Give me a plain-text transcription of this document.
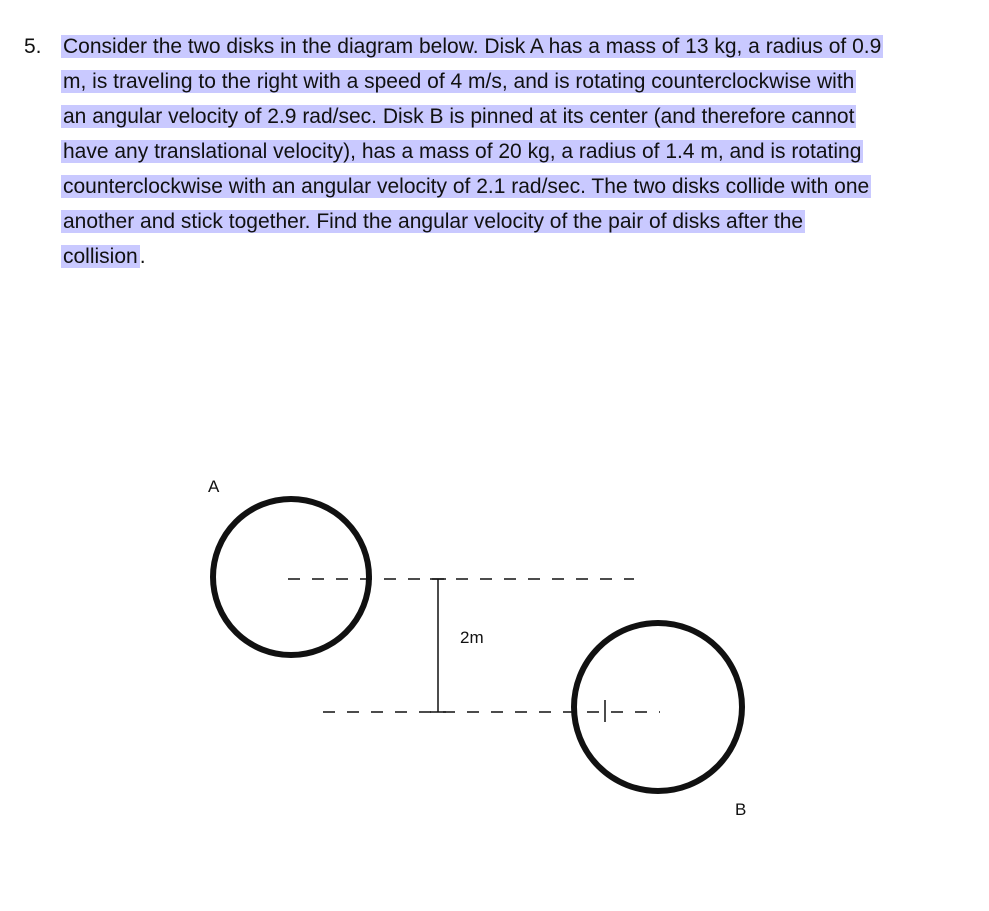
5. Consider the two disks in the diagram below. Disk A has a mass of 13 kg, a radius of 0.9
m, is traveling to the right with a speed of 4 m/s, and is rotating counterclockwise with
an angular velocity of 2.9 rad/sec. Disk B is pinned at its center (and therefore cannot
have any translational velocity), has a mass of 20 kg, a radius of 1.4 m, and is rotating
counterclockwise with an angular velocity of 2.1 rad/sec. The two disks collide with one
another and stick together. Find the angular velocity of the pair of disks after the
collision.
A
B
2m
